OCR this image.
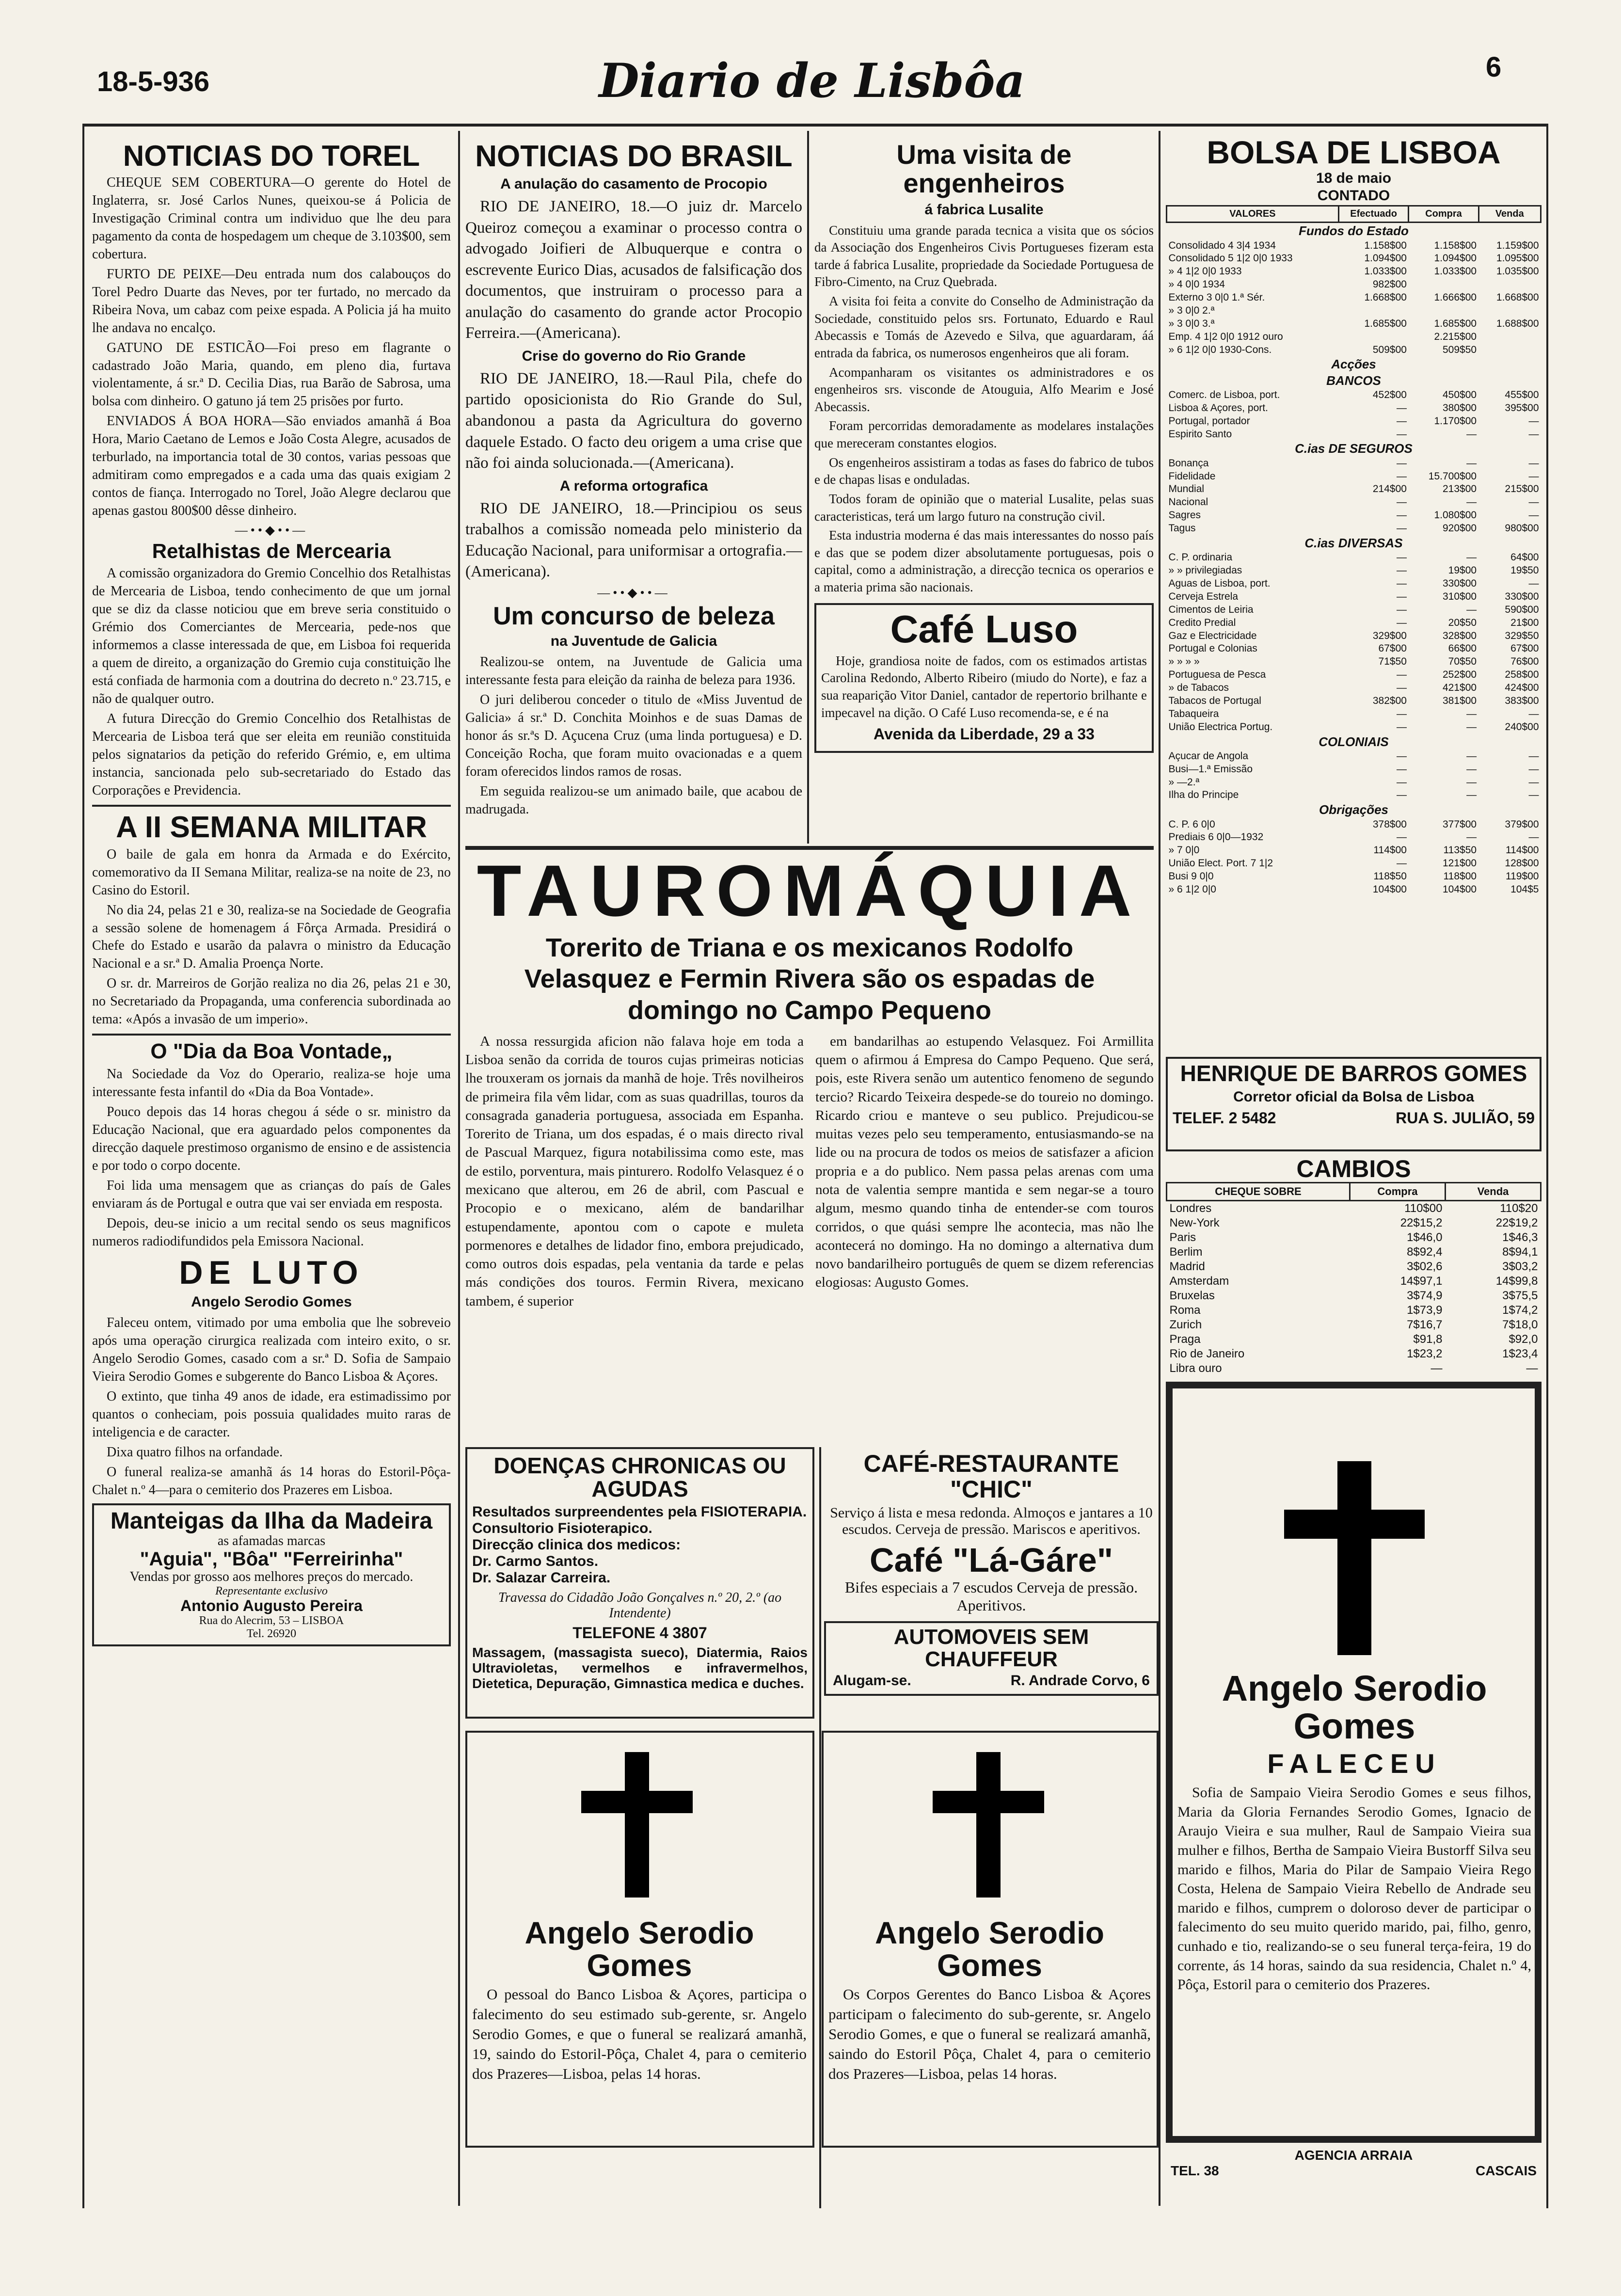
18-5-936	Diario de Lisbôa	6
NOTICIAS DO TOREL

CHEQUE SEM COBERTURA—O gerente do Hotel de Inglaterra, sr. José Carlos Nunes, queixou-se á Policia de Investigação Criminal contra um individuo que lhe deu para pagamento da conta de hospedagem um cheque de 3.103$00, sem cobertura.

FURTO DE PEIXE—Deu entrada num dos calabouços do Torel Pedro Duarte das Neves, por ter furtado, no mercado da Ribeira Nova, um cabaz com peixe espada. A Policia já ha muito lhe andava no encalço.

GATUNO DE ESTICÃO—Foi preso em flagrante o cadastrado João Maria, quando, em pleno dia, furtava violentamente, á sr.ª D. Cecilia Dias, rua Barão de Sabrosa, uma bolsa com dinheiro. O gatuno já tem 25 prisões por furto.

ENVIADOS Á BOA HORA—São enviados amanhã á Boa Hora, Mario Caetano de Lemos e João Costa Alegre, acusados de terburlado, na importancia total de 30 contos, varias pessoas que admitiram como empregados e a cada uma das quais exigiam 2 contos de fiança. Interrogado no Torel, João Alegre declarou que apenas gastou 800$00 dêsse dinheiro.

—••◆••—
Retalhistas de Mercearia

A comissão organizadora do Gremio Concelhio dos Retalhistas de Mercearia de Lisboa, tendo conhecimento de que um jornal que se diz da classe noticiou que em breve seria constituido o Grémio dos Comerciantes de Mercearia, pede-nos que informemos a classe interessada de que, em Lisboa foi requerida a quem de direito, a organização do Gremio cuja constituição lhe está confiada de harmonia com a doutrina do decreto n.º 23.715, e não de qualquer outro.

A futura Direcção do Gremio Concelhio dos Retalhistas de Mercearia de Lisboa terá que ser eleita em reunião constituida pelos signatarios da petição do referido Grémio, e, em ultima instancia, sancionada pelo sub-secretariado do Estado das Corporações e Previdencia.

A II SEMANA MILITAR

O baile de gala em honra da Armada e do Exército, comemorativo da II Semana Militar, realiza-se na noite de 23, no Casino do Estoril.

No dia 24, pelas 21 e 30, realiza-se na Sociedade de Geografia a sessão solene de homenagem á Fôrça Armada. Presidirá o Chefe do Estado e usarão da palavra o ministro da Educação Nacional e a sr.ª D. Amalia Proença Norte.

O sr. dr. Marreiros de Gorjão realiza no dia 26, pelas 21 e 30, no Secretariado da Propaganda, uma conferencia subordinada ao tema: «Após a invasão de um imperio».

O "Dia da Boa Vontade„

Na Sociedade da Voz do Operario, realiza-se hoje uma interessante festa infantil do «Dia da Boa Vontade».

Pouco depois das 14 horas chegou á séde o sr. ministro da Educação Nacional, que era aguardado pelos componentes da direcção daquele prestimoso organismo de ensino e de assistencia e por todo o corpo docente.

Foi lida uma mensagem que as crianças do país de Gales enviaram ás de Portugal e outra que vai ser enviada em resposta.

Depois, deu-se inicio a um recital sendo os seus magnificos numeros radiodifundidos pela Emissora Nacional.

DE LUTO
Angelo Serodio Gomes

Faleceu ontem, vitimado por uma embolia que lhe sobreveio após uma operação cirurgica realizada com inteiro exito, o sr. Angelo Serodio Gomes, casado com a sr.ª D. Sofia de Sampaio Vieira Serodio Gomes e subgerente do Banco Lisboa & Açores.

O extinto, que tinha 49 anos de idade, era estimadissimo por quantos o conheciam, pois possuia qualidades muito raras de inteligencia e de caracter.

Dixa quatro filhos na orfandade.

O funeral realiza-se amanhã ás 14 horas do Estoril-Pôça-Chalet n.º 4—para o cemiterio dos Prazeres em Lisboa.

Manteigas da Ilha da Madeira
as afamadas marcas
"Aguia", "Bôa" "Ferreirinha"
Vendas por grosso aos melhores preços do mercado.
Representante exclusivo
Antonio Augusto Pereira
Rua do Alecrim, 53 – LISBOA
Tel. 26920
NOTICIAS DO BRASIL
A anulação do casamento de Procopio

RIO DE JANEIRO, 18.—O juiz dr. Marcelo Queiroz começou a examinar o processo contra o advogado Joifieri de Albuquerque e contra o escrevente Eurico Dias, acusados de falsificação dos documentos, que instruiram o processo para a anulação do casamento do grande actor Procopio Ferreira.—(Americana).

Crise do governo do Rio Grande

RIO DE JANEIRO, 18.—Raul Pila, chefe do partido oposicionista do Rio Grande do Sul, abandonou a pasta da Agricultura do governo daquele Estado. O facto deu origem a uma crise que não foi ainda solucionada.—(Americana).

A reforma ortografica

RIO DE JANEIRO, 18.—Principiou os seus trabalhos a comissão nomeada pelo ministerio da Educação Nacional, para uniformisar a ortografia.—(Americana).

—••◆••—
Um concurso de beleza
na Juventude de Galicia

Realizou-se ontem, na Juventude de Galicia uma interessante festa para eleição da rainha de beleza para 1936.

O juri deliberou conceder o titulo de «Miss Juventud de Galicia» á sr.ª D. Conchita Moinhos e de suas Damas de honor ás sr.ªs D. Açucena Cruz (uma linda portuguesa) e D. Conceição Rocha, que foram muito ovacionadas e a quem foram oferecidos lindos ramos de rosas.

Em seguida realizou-se um animado baile, que acabou de madrugada.

Uma visita de engenheiros
á fabrica Lusalite

Constituiu uma grande parada tecnica a visita que os sócios da Associação dos Engenheiros Civis Portugueses fizeram esta tarde á fabrica Lusalite, propriedade da Sociedade Portuguesa de Fibro-Cimento, na Cruz Quebrada.

A visita foi feita a convite do Conselho de Administração da Sociedade, constituido pelos srs. Fortunato, Eduardo e Raul Abecassis e Tomás de Azevedo e Silva, que aguardaram, áá entrada da fabrica, os numerosos engenheiros que ali foram.

Acompanharam os visitantes os administradores e os engenheiros srs. visconde de Atouguia, Alfo Mearim e José Abecassis.

Foram percorridas demoradamente as modelares instalações que mereceram constantes elogios.

Os engenheiros assistiram a todas as fases do fabrico de tubos e de chapas lisas e onduladas.

Todos foram de opinião que o material Lusalite, pelas suas caracteristicas, terá um largo futuro na construção civil.

Esta industria moderna é das mais interessantes do nosso país e das que se podem dizer absolutamente portuguesas, pois o capital, como a administração, a direcção tecnica os operarios e a materia prima são nacionais.

Café Luso

Hoje, grandiosa noite de fados, com os estimados artistas Carolina Redondo, Alberto Ribeiro (miudo do Norte), e faz a sua reaparição Vitor Daniel, cantador de repertorio brilhante e impecavel na dição. O Café Luso recomenda-se, e é na

Avenida da Liberdade, 29 a 33
TAUROMÁQUIA
Torerito de Triana e os mexicanos Rodolfo Velasquez e Fermin Rivera são os espadas de domingo no Campo Pequeno

A nossa ressurgida aficion não falava hoje em toda a Lisboa senão da corrida de touros cujas primeiras noticias lhe trouxeram os jornais da manhã de hoje. Três novilheiros de primeira fila vêm lidar, com as suas quadrillas, touros da consagrada ganaderia portuguesa, associada em Espanha. Torerito de Triana, um dos espadas, é o mais directo rival de Pascual Marquez, figura notabilissima como este, mas de estilo, porventura, mais pinturero. Rodolfo Velasquez é o mexicano que alterou, em 26 de abril, com Pascual e Procopio e o mexicano, além de bandarilhar estupendamente, apontou com o capote e muleta pormenores e detalhes de lidador fino, embora prejudicado, como outros dois espadas, pela ventania da tarde e pelas más condições dos touros. Fermin Rivera, mexicano tambem, é superior

em bandarilhas ao estupendo Velasquez. Foi Armillita quem o afirmou á Empresa do Campo Pequeno. Que será, pois, este Rivera senão um autentico fenomeno de segundo tercio? Ricardo Teixeira despede-se do toureio no domingo. Ricardo criou e manteve o seu publico. Prejudicou-se muitas vezes pelo seu temperamento, entusiasmando-se na lide ou na procura de todos os meios de satisfazer a aficion propria e a do publico. Nem passa pelas arenas com uma nota de valentia sempre mantida e sem negar-se a touro algum, mesmo quando tinha de entender-se com touros corridos, o que quási sempre lhe acontecia, mas não lhe acontecerá no domingo. Ha no domingo a alternativa dum novo bandarilheiro português de quem se dizem referencias elogiosas: Augusto Gomes.

DOENÇAS CHRONICAS OU AGUDAS
Resultados surpreendentes pela FISIOTERAPIA.
Consultorio Fisioterapico.
Direcção clinica dos medicos:
Dr. Carmo Santos.
Dr. Salazar Carreira.
Travessa do Cidadão João Gonçalves n.º 20, 2.º (ao Intendente)
TELEFONE 4 3807
Massagem, (massagista sueco), Diatermia, Raios Ultravioletas, vermelhos e infravermelhos, Dietetica, Depuração, Gimnastica medica e duches.
CAFÉ-RESTAURANTE "CHIC"
Serviço á lista e mesa redonda. Almoços e jantares a 10 escudos. Cerveja de pressão. Mariscos e aperitivos.
Café "Lá-Gáre"
Bifes especiais a 7 escudos Cerveja de pressão. Aperitivos.
AUTOMOVEIS SEM CHAUFFEUR
Alugam-se.	R. Andrade Corvo, 6
Angelo Serodio Gomes

O pessoal do Banco Lisboa & Açores, participa o falecimento do seu estimado sub-gerente, sr. Angelo Serodio Gomes, e que o funeral se realizará amanhã, 19, saindo do Estoril-Pôça, Chalet 4, para o cemiterio dos Prazeres—Lisboa, pelas 14 horas.

Angelo Serodio Gomes

Os Corpos Gerentes do Banco Lisboa & Açores participam o falecimento do sub-gerente, sr. Angelo Serodio Gomes, e que o funeral se realizará amanhã, saindo do Estoril Pôça, Chalet 4, para o cemiterio dos Prazeres—Lisboa, pelas 14 horas.

BOLSA DE LISBOA
18 de maio
CONTADO
VALORES	Efectuado	Compra	Venda
Fundos do Estado			
Consolidado 4 3|4 1934	1.158$00	1.158$00	1.159$00
Consolidado 5 1|2 0|0 1933	1.094$00	1.094$00	1.095$00
» 4 1|2 0|0 1933	1.033$00	1.033$00	1.035$00
» 4 0|0 1934	982$00		
Externo 3 0|0 1.ª Sér.	1.668$00	1.666$00	1.668$00
» 3 0|0 2.ª			
» 3 0|0 3.ª	1.685$00	1.685$00	1.688$00
Emp. 4 1|2 0|0 1912 ouro		2.215$00	
» 6 1|2 0|0 1930-Cons.	509$00	509$50	
Acções			
BANCOS			
Comerc. de Lisboa, port.	452$00	450$00	455$00
Lisboa & Açores, port.	—	380$00	395$00
Portugal, portador	—	1.170$00	—
Espirito Santo	—	—	—
C.ias DE SEGUROS			
Bonança	—	—	—
Fidelidade	—	15.700$00	—
Mundial	214$00	213$00	215$00
Nacional	—	—	—
Sagres	—	1.080$00	—
Tagus	—	920$00	980$00
C.ias DIVERSAS			
C. P. ordinaria	—	—	64$00
» » privilegiadas	—	19$00	19$50
Aguas de Lisboa, port.	—	330$00	—
Cerveja Estrela	—	310$00	330$00
Cimentos de Leiria	—	—	590$00
Credito Predial	—	20$50	21$00
Gaz e Electricidade	329$00	328$00	329$50
Portugal e Colonias	67$00	66$00	67$00
» » » »	71$50	70$50	76$00
Portuguesa de Pesca	—	252$00	258$00
» de Tabacos	—	421$00	424$00
Tabacos de Portugal	382$00	381$00	383$00
Tabaqueira	—	—	—
União Electrica Portug.	—	—	240$00
COLONIAIS			
Açucar de Angola	—	—	—
Busi—1.ª Emissão	—	—	—
» —2.ª	—	—	—
Ilha do Principe	—	—	—
Obrigações			
C. P. 6 0|0	378$00	377$00	379$00
Prediais 6 0|0—1932	—	—	—
» 7 0|0	114$00	113$50	114$00
União Elect. Port. 7 1|2	—	121$00	128$00
Busi 9 0|0	118$50	118$00	119$00
» 6 1|2 0|0	104$00	104$00	104$5
HENRIQUE DE BARROS GOMES
Corretor oficial da Bolsa de Lisboa
TELEF. 2 5482	RUA S. JULIÃO, 59
CAMBIOS
CHEQUE SOBRE	Compra	Venda
Londres	110$00	110$20
New-York	22$15,2	22$19,2
Paris	1$46,0	1$46,3
Berlim	8$92,4	8$94,1
Madrid	3$02,6	3$03,2
Amsterdam	14$97,1	14$99,8
Bruxelas	3$74,9	3$75,5
Roma	1$73,9	1$74,2
Zurich	7$16,7	7$18,0
Praga	$91,8	$92,0
Rio de Janeiro	1$23,2	1$23,4
Libra ouro	—	—
Angelo Serodio Gomes
FALECEU

Sofia de Sampaio Vieira Serodio Gomes e seus filhos, Maria da Gloria Fernandes Serodio Gomes, Ignacio de Araujo Vieira e sua mulher, Raul de Sampaio Vieira sua mulher e filhos, Bertha de Sampaio Vieira Bustorff Silva seu marido e filhos, Maria do Pilar de Sampaio Vieira Rego Costa, Helena de Sampaio Vieira Rebello de Andrade seu marido e filhos, cumprem o doloroso dever de participar o falecimento do seu muito querido marido, pai, filho, genro, cunhado e tio, realizando-se o seu funeral terça-feira, 19 do corrente, ás 14 horas, saindo da sua residencia, Chalet n.º 4, Pôça, Estoril para o cemiterio dos Prazeres.

AGENCIA ARRAIA
TEL. 38	CASCAIS
